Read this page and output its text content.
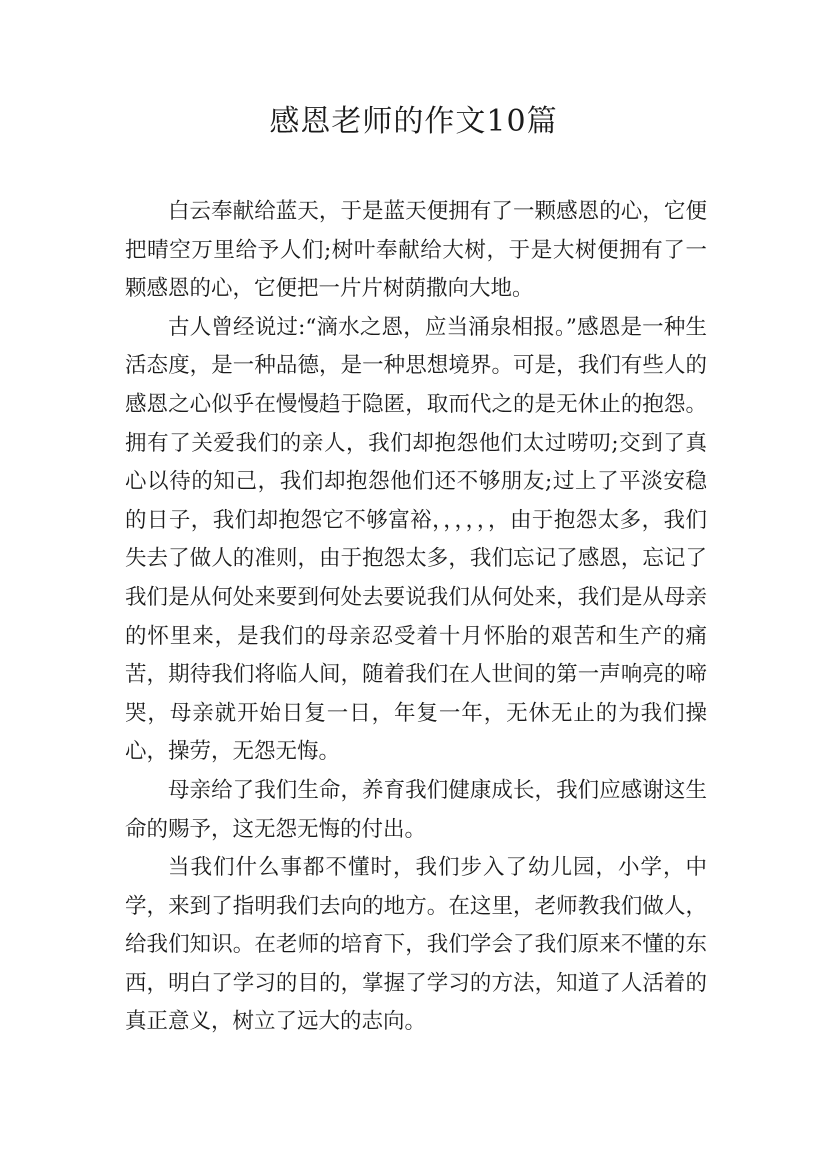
感恩老师的作文10篇

白云奉献给蓝天，于是蓝天便拥有了一颗感恩的心，它便把晴空万里给予人们;树叶奉献给大树，于是大树便拥有了一颗感恩的心，它便把一片片树荫撒向大地。

古人曾经说过:“滴水之恩，应当涌泉相报。”感恩是一种生活态度，是一种品德，是一种思想境界。可是，我们有些人的感恩之心似乎在慢慢趋于隐匿，取而代之的是无休止的抱怨。拥有了关爱我们的亲人，我们却抱怨他们太过唠叨;交到了真心以待的知己，我们却抱怨他们还不够朋友;过上了平淡安稳的日子，我们却抱怨它不够富裕，，，，，，由于抱怨太多，我们失去了做人的准则，由于抱怨太多，我们忘记了感恩，忘记了我们是从何处来要到何处去要说我们从何处来，我们是从母亲的怀里来，是我们的母亲忍受着十月怀胎的艰苦和生产的痛苦，期待我们将临人间，随着我们在人世间的第一声响亮的啼哭，母亲就开始日复一日，年复一年，无休无止的为我们操心，操劳，无怨无悔。

母亲给了我们生命，养育我们健康成长，我们应感谢这生命的赐予，这无怨无悔的付出。

当我们什么事都不懂时，我们步入了幼儿园，小学，中学，来到了指明我们去向的地方。在这里，老师教我们做人，给我们知识。在老师的培育下，我们学会了我们原来不懂的东西，明白了学习的目的，掌握了学习的方法，知道了人活着的真正意义，树立了远大的志向。
